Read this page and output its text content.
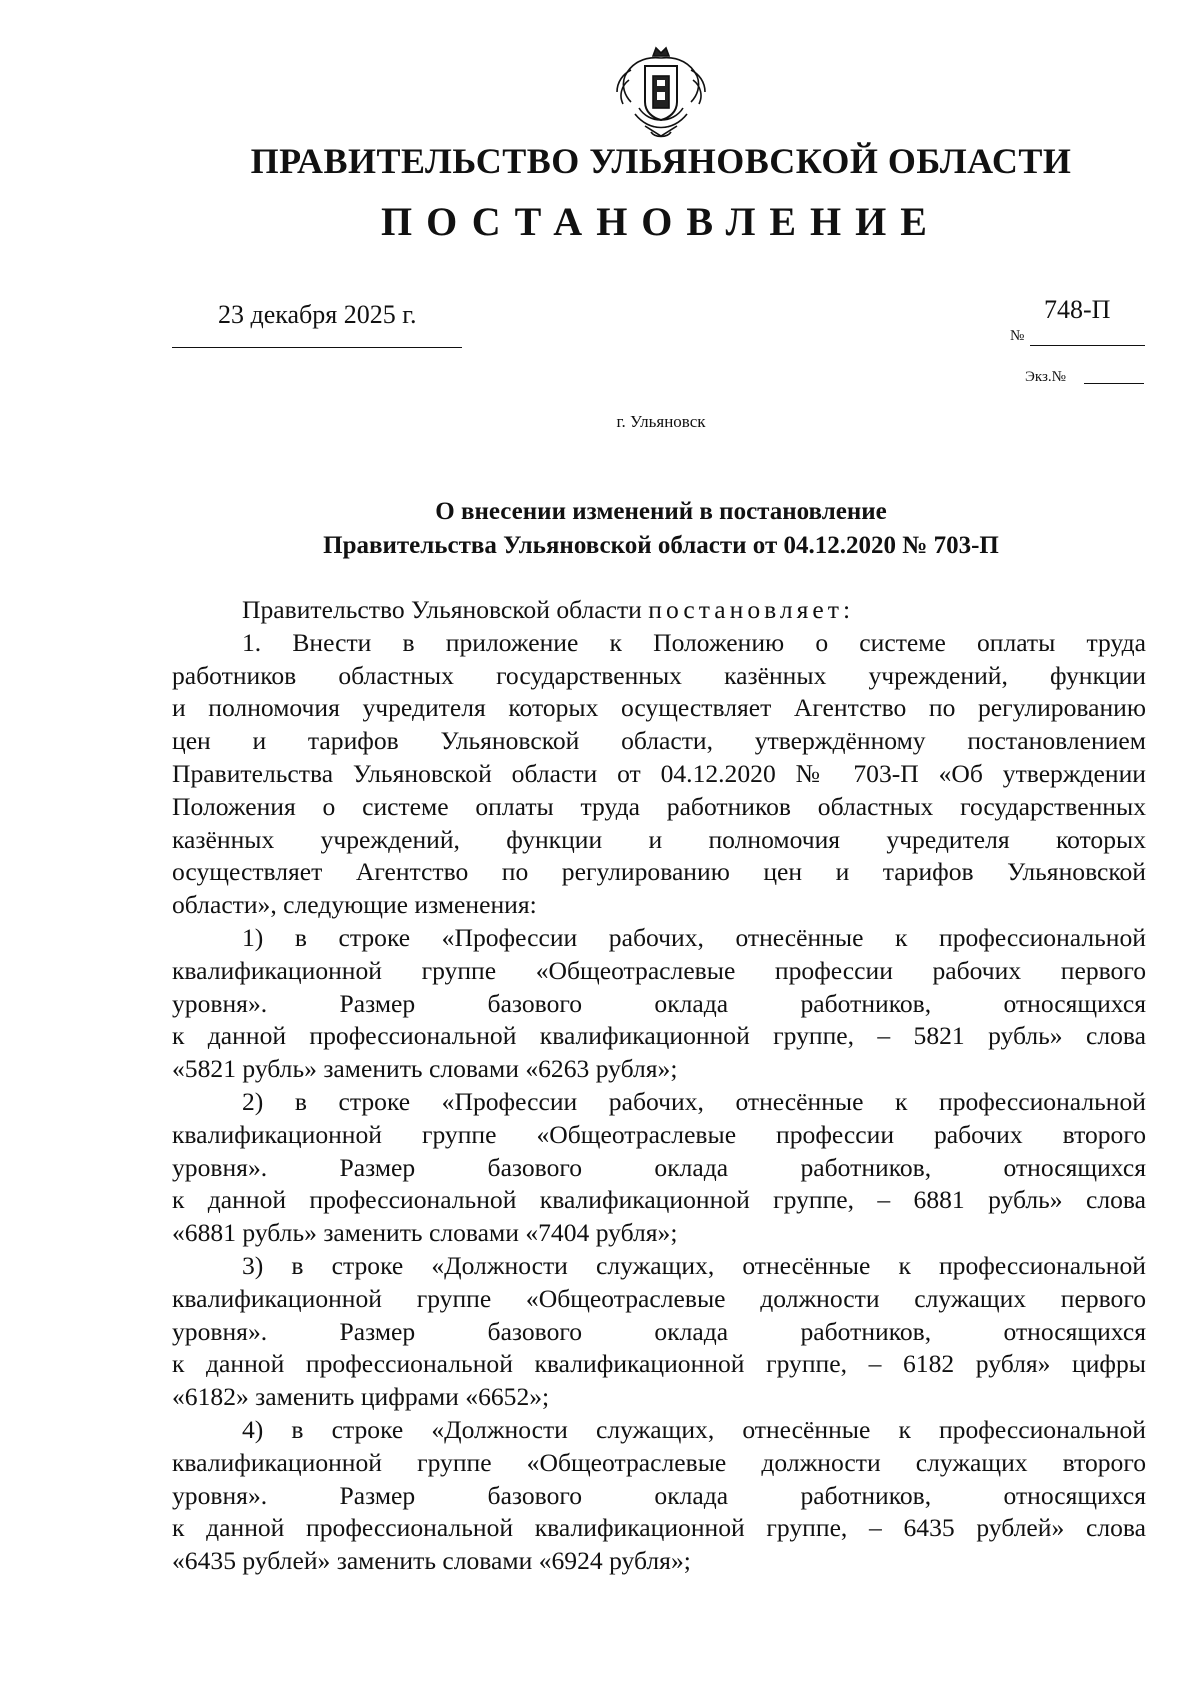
ПРАВИТЕЛЬСТВО УЛЬЯНОВСКОЙ ОБЛАСТИ
ПОСТАНОВЛЕНИЕ
23 декабря 2025 г.
№
748-П
Экз.№
г. Ульяновск
О внесении изменений в постановление
Правительства Ульяновской области от 04.12.2020 № 703-П
Правительство Ульяновской области постановляет:
1. Внести в приложение к Положению о системе оплаты труда
работников областных государственных казённых учреждений, функции
и полномочия учредителя которых осуществляет Агентство по регулированию
цен и тарифов Ульяновской области, утверждённому постановлением
Правительства Ульяновской области от 04.12.2020 № 703-П «Об утверждении
Положения о системе оплаты труда работников областных государственных
казённых учреждений, функции и полномочия учредителя которых
осуществляет Агентство по регулированию цен и тарифов Ульяновской
области», следующие изменения:
1) в строке «Профессии рабочих, отнесённые к профессиональной
квалификационной группе «Общеотраслевые профессии рабочих первого
уровня». Размер базового оклада работников, относящихся
к данной профессиональной квалификационной группе, – 5821 рубль» слова
«5821 рубль» заменить словами «6263 рубля»;
2) в строке «Профессии рабочих, отнесённые к профессиональной
квалификационной группе «Общеотраслевые профессии рабочих второго
уровня». Размер базового оклада работников, относящихся
к данной профессиональной квалификационной группе, – 6881 рубль» слова
«6881 рубль» заменить словами «7404 рубля»;
3) в строке «Должности служащих, отнесённые к профессиональной
квалификационной группе «Общеотраслевые должности служащих первого
уровня». Размер базового оклада работников, относящихся
к данной профессиональной квалификационной группе, – 6182 рубля» цифры
«6182» заменить цифрами «6652»;
4) в строке «Должности служащих, отнесённые к профессиональной
квалификационной группе «Общеотраслевые должности служащих второго
уровня». Размер базового оклада работников, относящихся
к данной профессиональной квалификационной группе, – 6435 рублей» слова
«6435 рублей» заменить словами «6924 рубля»;
